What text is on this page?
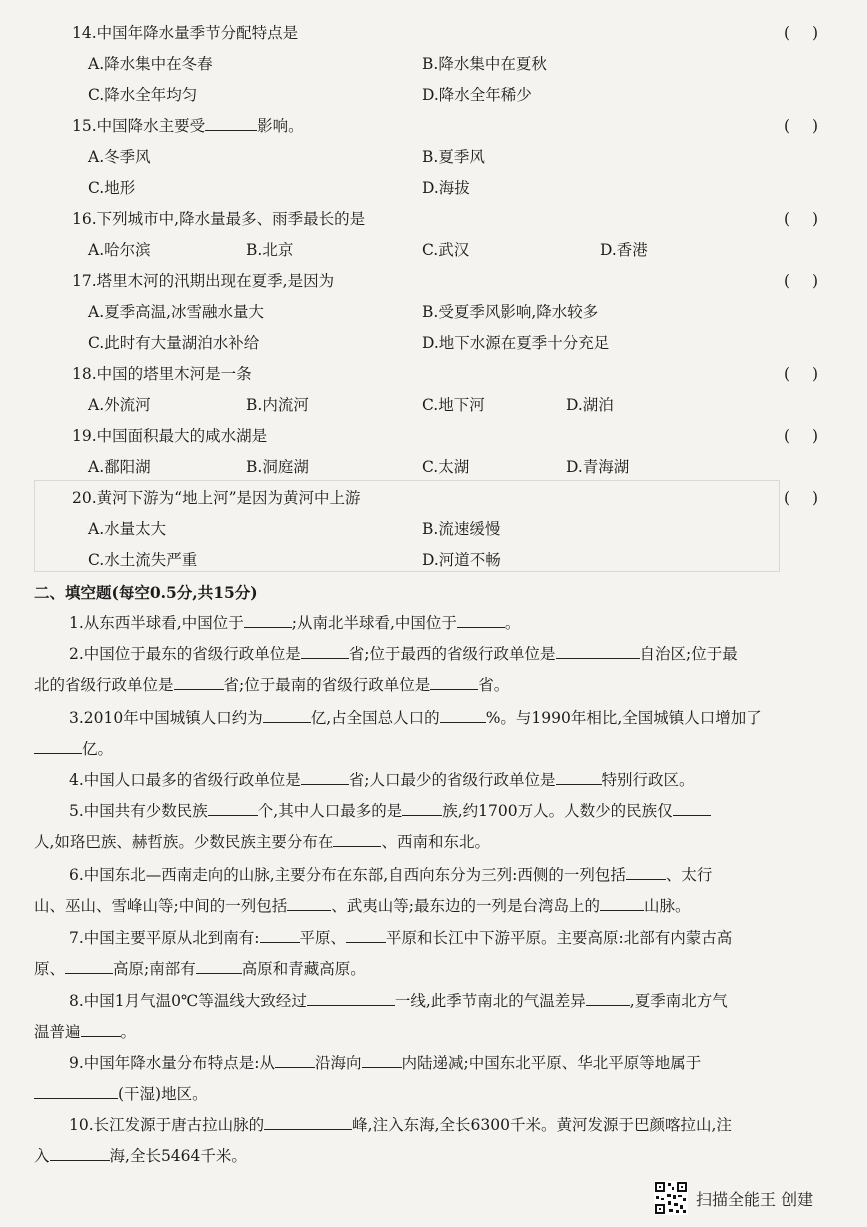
14.中国年降水量季节分配特点是	()
A.降水集中在冬春	B.降水集中在夏秋
C.降水全年均匀	D.降水全年稀少
15.中国降水主要受	影响。	()
A.冬季风	B.夏季风
C.地形	D.海拔
16.下列城市中,降水量最多、雨季最长的是	()
A.哈尔滨	B.北京	C.武汉	D.香港
17.塔里木河的汛期出现在夏季,是因为	()
A.夏季高温,冰雪融水量大	B.受夏季风影响,降水较多
C.此时有大量湖泊水补给	D.地下水源在夏季十分充足
18.中国的塔里木河是一条	()
A.外流河	B.内流河	C.地下河	D.湖泊
19.中国面积最大的咸水湖是	()
A.鄱阳湖	B.洞庭湖	C.太湖	D.青海湖
20.黄河下游为“地上河”是因为黄河中上游	()
A.水量太大	B.流速缓慢
C.水土流失严重	D.河道不畅
二、填空题(每空0.5分,共15分)
1.从东西半球看,中国位于	;从南北半球看,中国位于	。
2.中国位于最东的省级行政单位是	省;位于最西的省级行政单位是	自治区;位于最
北的省级行政单位是	省;位于最南的省级行政单位是	省。
3.2010年中国城镇人口约为	亿,占全国总人口的	%。与1990年相比,全国城镇人口增加了
亿。
4.中国人口最多的省级行政单位是	省;人口最少的省级行政单位是	特别行政区。
5.中国共有少数民族	个,其中人口最多的是	族,约1700万人。人数少的民族仅
人,如珞巴族、赫哲族。少数民族主要分布在	、西南和东北。
6.中国东北—西南走向的山脉,主要分布在东部,自西向东分为三列:西侧的一列包括	、太行
山、巫山、雪峰山等;中间的一列包括	、武夷山等;最东边的一列是台湾岛上的	山脉。
7.中国主要平原从北到南有:	平原、	平原和长江中下游平原。主要高原:北部有内蒙古高
原、	高原;南部有	高原和青藏高原。
8.中国1月气温0℃等温线大致经过	一线,此季节南北的气温差异	,夏季南北方气
温普遍	。
9.中国年降水量分布特点是:从	沿海向	内陆递减;中国东北平原、华北平原等地属于
(干湿)地区。
10.长江发源于唐古拉山脉的	峰,注入东海,全长6300千米。黄河发源于巴颜喀拉山,注
入	海,全长5464千米。
扫描全能王 创建
